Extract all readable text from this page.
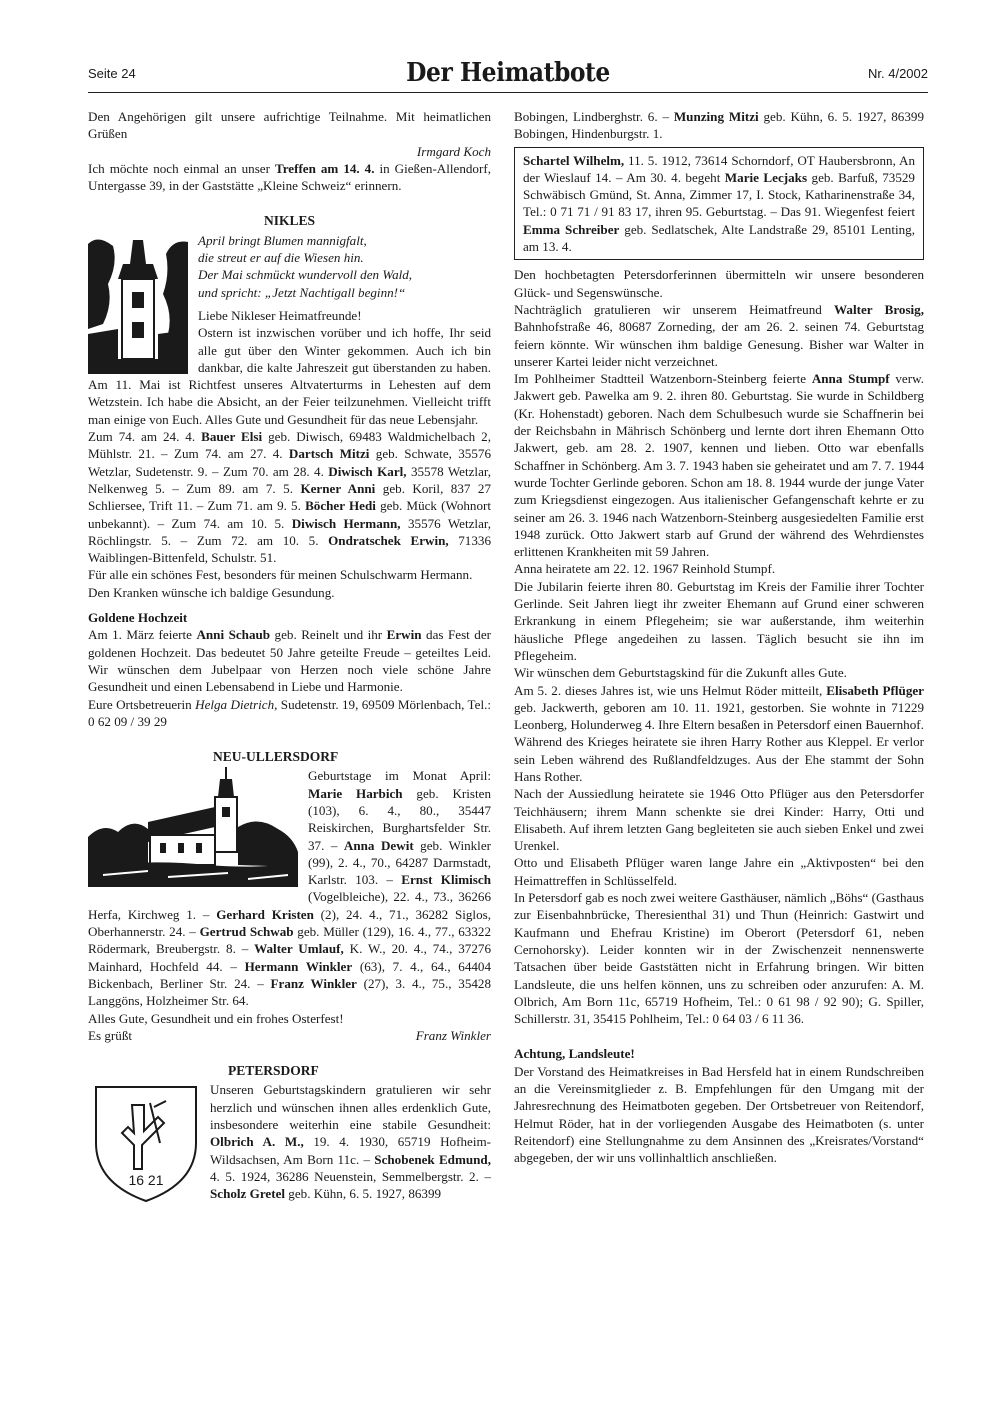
Seite 24	Der Heimatbote	Nr. 4/2002

Den Angehörigen gilt unsere aufrichtige Teilnahme. Mit heimatlichen Grüßen

Irmgard Koch

Ich möchte noch einmal an unser Treffen am 14. 4. in Gießen-Allendorf, Untergasse 39, in der Gaststätte „Kleine Schweiz“ erinnern.

NIKLES

April bringt Blumen mannigfalt,

die streut er auf die Wiesen hin.

Der Mai schmückt wundervoll den Wald,

und spricht: „Jetzt Nachtigall beginn!“

Liebe Nikleser Heimatfreunde!

Ostern ist inzwischen vorüber und ich hoffe, Ihr seid alle gut über den Winter gekommen. Auch ich bin dankbar, die kalte Jahreszeit gut überstanden zu haben. Am 11. Mai ist Richtfest unseres Altvaterturms in Lehesten auf dem Wetzstein. Ich habe die Absicht, an der Feier teilzunehmen. Vielleicht trifft man einige von Euch. Alles Gute und Gesundheit für das neue Lebensjahr.

Zum 74. am 24. 4. Bauer Elsi geb. Diwisch, 69483 Waldmichelbach 2, Mühlstr. 21. – Zum 74. am 27. 4. Dartsch Mitzi geb. Schwate, 35576 Wetzlar, Sudetenstr. 9. – Zum 70. am 28. 4. Diwisch Karl, 35578 Wetzlar, Nelkenweg 5. – Zum 89. am 7. 5. Kerner Anni geb. Koril, 837 27 Schliersee, Trift 11. – Zum 71. am 9. 5. Böcher Hedi geb. Mück (Wohnort unbekannt). – Zum 74. am 10. 5. Diwisch Hermann, 35576 Wetzlar, Röchlingstr. 5. – Zum 72. am 10. 5. Ondratschek Erwin, 71336 Waiblingen-Bittenfeld, Schulstr. 51.

Für alle ein schönes Fest, besonders für meinen Schulschwarm Hermann.

Den Kranken wünsche ich baldige Gesundung.

Goldene Hochzeit

Am 1. März feierte Anni Schaub geb. Reinelt und ihr Erwin das Fest der goldenen Hochzeit. Das bedeutet 50 Jahre geteilte Freude – geteiltes Leid. Wir wünschen dem Jubelpaar von Herzen noch viele schöne Jahre Gesundheit und einen Lebensabend in Liebe und Harmonie.

Eure Ortsbetreuerin Helga Dietrich, Sudetenstr. 19, 69509 Mörlenbach, Tel.: 0 62 09 / 39 29

NEU-ULLERSDORF

Geburtstage im Monat April: Marie Harbich geb. Kristen (103), 6. 4., 80., 35447 Reiskirchen, Burghartsfelder Str. 37. – Anna Dewit geb. Winkler (99), 2. 4., 70., 64287 Darmstadt, Karlstr. 103. – Ernst Klimisch (Vogelbleiche), 22. 4., 73., 36266 Herfa, Kirchweg 1. – Gerhard Kristen (2), 24. 4., 71., 36282 Siglos, Oberhannerstr. 24. – Gertrud Schwab geb. Müller (129), 16. 4., 77., 63322 Rödermark, Breubergstr. 8. – Walter Umlauf, K. W., 20. 4., 74., 37276 Mainhard, Hochfeld 44. – Hermann Winkler (63), 7. 4., 64., 64404 Bickenbach, Berliner Str. 24. – Franz Winkler (27), 3. 4., 75., 35428 Langgöns, Holzheimer Str. 64.

Alles Gute, Gesundheit und ein frohes Osterfest!

Es grüßt	Franz Winkler
PETERSDORF
16 21

Unseren Geburtstagskindern gratulieren wir sehr herzlich und wünschen ihnen alles erdenklich Gute, insbesondere weiterhin eine stabile Gesundheit: Olbrich A. M., 19. 4. 1930, 65719 Hofheim-Wildsachsen, Am Born 11c. – Schobenek Edmund, 4. 5. 1924, 36286 Neuenstein, Semmelbergstr. 2. – Scholz Gretel geb. Kühn, 6. 5. 1927, 86399

Bobingen, Lindberghstr. 6. – Munzing Mitzi geb. Kühn, 6. 5. 1927, 86399 Bobingen, Hindenburgstr. 1.

Schartel Wilhelm, 11. 5. 1912, 73614 Schorndorf, OT Haubersbronn, An der Wieslauf 14. – Am 30. 4. begeht Marie Lecjaks geb. Barfuß, 73529 Schwäbisch Gmünd, St. Anna, Zimmer 17, I. Stock, Katharinenstraße 34, Tel.: 0 71 71 / 91 83 17, ihren 95. Geburtstag. – Das 91. Wiegenfest feiert Emma Schreiber geb. Sedlatschek, Alte Landstraße 29, 85101 Lenting, am 13. 4.

Den hochbetagten Petersdorferinnen übermitteln wir unsere besonderen Glück- und Segenswünsche.

Nachträglich gratulieren wir unserem Heimatfreund Walter Brosig, Bahnhofstraße 46, 80687 Zorneding, der am 26. 2. seinen 74. Geburtstag feiern könnte. Wir wünschen ihm baldige Genesung. Bisher war Walter in unserer Kartei leider nicht verzeichnet.

Im Pohlheimer Stadtteil Watzenborn-Steinberg feierte Anna Stumpf verw. Jakwert geb. Pawelka am 9. 2. ihren 80. Geburtstag. Sie wurde in Schildberg (Kr. Hohenstadt) geboren. Nach dem Schulbesuch wurde sie Schaffnerin bei der Reichsbahn in Mährisch Schönberg und lernte dort ihren Ehemann Otto Jakwert, geb. am 28. 2. 1907, kennen und lieben. Otto war ebenfalls Schaffner in Schönberg. Am 3. 7. 1943 haben sie geheiratet und am 7. 7. 1944 wurde Tochter Gerlinde geboren. Schon am 18. 8. 1944 wurde der junge Vater zum Kriegsdienst eingezogen. Aus italienischer Gefangenschaft kehrte er zu seiner am 26. 3. 1946 nach Watzenborn-Steinberg ausgesiedelten Familie erst 1948 zurück. Otto Jakwert starb auf Grund der während des Wehrdienstes erlittenen Krankheiten mit 59 Jahren.

Anna heiratete am 22. 12. 1967 Reinhold Stumpf.

Die Jubilarin feierte ihren 80. Geburtstag im Kreis der Familie ihrer Tochter Gerlinde. Seit Jahren liegt ihr zweiter Ehemann auf Grund einer schweren Erkrankung in einem Pflegeheim; sie war außerstande, ihm weiterhin häusliche Pflege angedeihen zu lassen. Täglich besucht sie ihn im Pflegeheim.

Wir wünschen dem Geburtstagskind für die Zukunft alles Gute.

Am 5. 2. dieses Jahres ist, wie uns Helmut Röder mitteilt, Elisabeth Pflüger geb. Jackwerth, geboren am 10. 11. 1921, gestorben. Sie wohnte in 71229 Leonberg, Holunderweg 4. Ihre Eltern besaßen in Petersdorf einen Bauernhof.

Während des Krieges heiratete sie ihren Harry Rother aus Kleppel. Er verlor sein Leben während des Rußlandfeldzuges. Aus der Ehe stammt der Sohn Hans Rother.

Nach der Aussiedlung heiratete sie 1946 Otto Pflüger aus den Petersdorfer Teichhäusern; ihrem Mann schenkte sie drei Kinder: Harry, Otti und Elisabeth. Auf ihrem letzten Gang begleiteten sie auch sieben Enkel und zwei Urenkel.

Otto und Elisabeth Pflüger waren lange Jahre ein „Aktivposten“ bei den Heimattreffen in Schlüsselfeld.

In Petersdorf gab es noch zwei weitere Gasthäuser, nämlich „Böhs“ (Gasthaus zur Eisenbahnbrücke, Theresienthal 31) und Thun (Heinrich: Gastwirt und Kaufmann und Ehefrau Kristine) im Oberort (Petersdorf 61, neben Cernohorsky). Leider konnten wir in der Zwischenzeit nennenswerte Tatsachen über beide Gaststätten nicht in Erfahrung bringen. Wir bitten Landsleute, die uns helfen können, uns zu schreiben oder anzurufen: A. M. Olbrich, Am Born 11c, 65719 Hofheim, Tel.: 0 61 98 / 92 90); G. Spiller, Schillerstr. 31, 35415 Pohlheim, Tel.: 0 64 03 / 6 11 36.

Achtung, Landsleute!

Der Vorstand des Heimatkreises in Bad Hersfeld hat in einem Rundschreiben an die Vereinsmitglieder z. B. Empfehlungen für den Umgang mit der Jahresrechnung des Heimatboten gegeben. Der Ortsbetreuer von Reitendorf, Helmut Röder, hat in der vorliegenden Ausgabe des Heimatboten (s. unter Reitendorf) eine Stellungnahme zu dem Ansinnen des „Kreisrates/Vorstand“ abgegeben, der wir uns vollinhaltlich anschließen.
